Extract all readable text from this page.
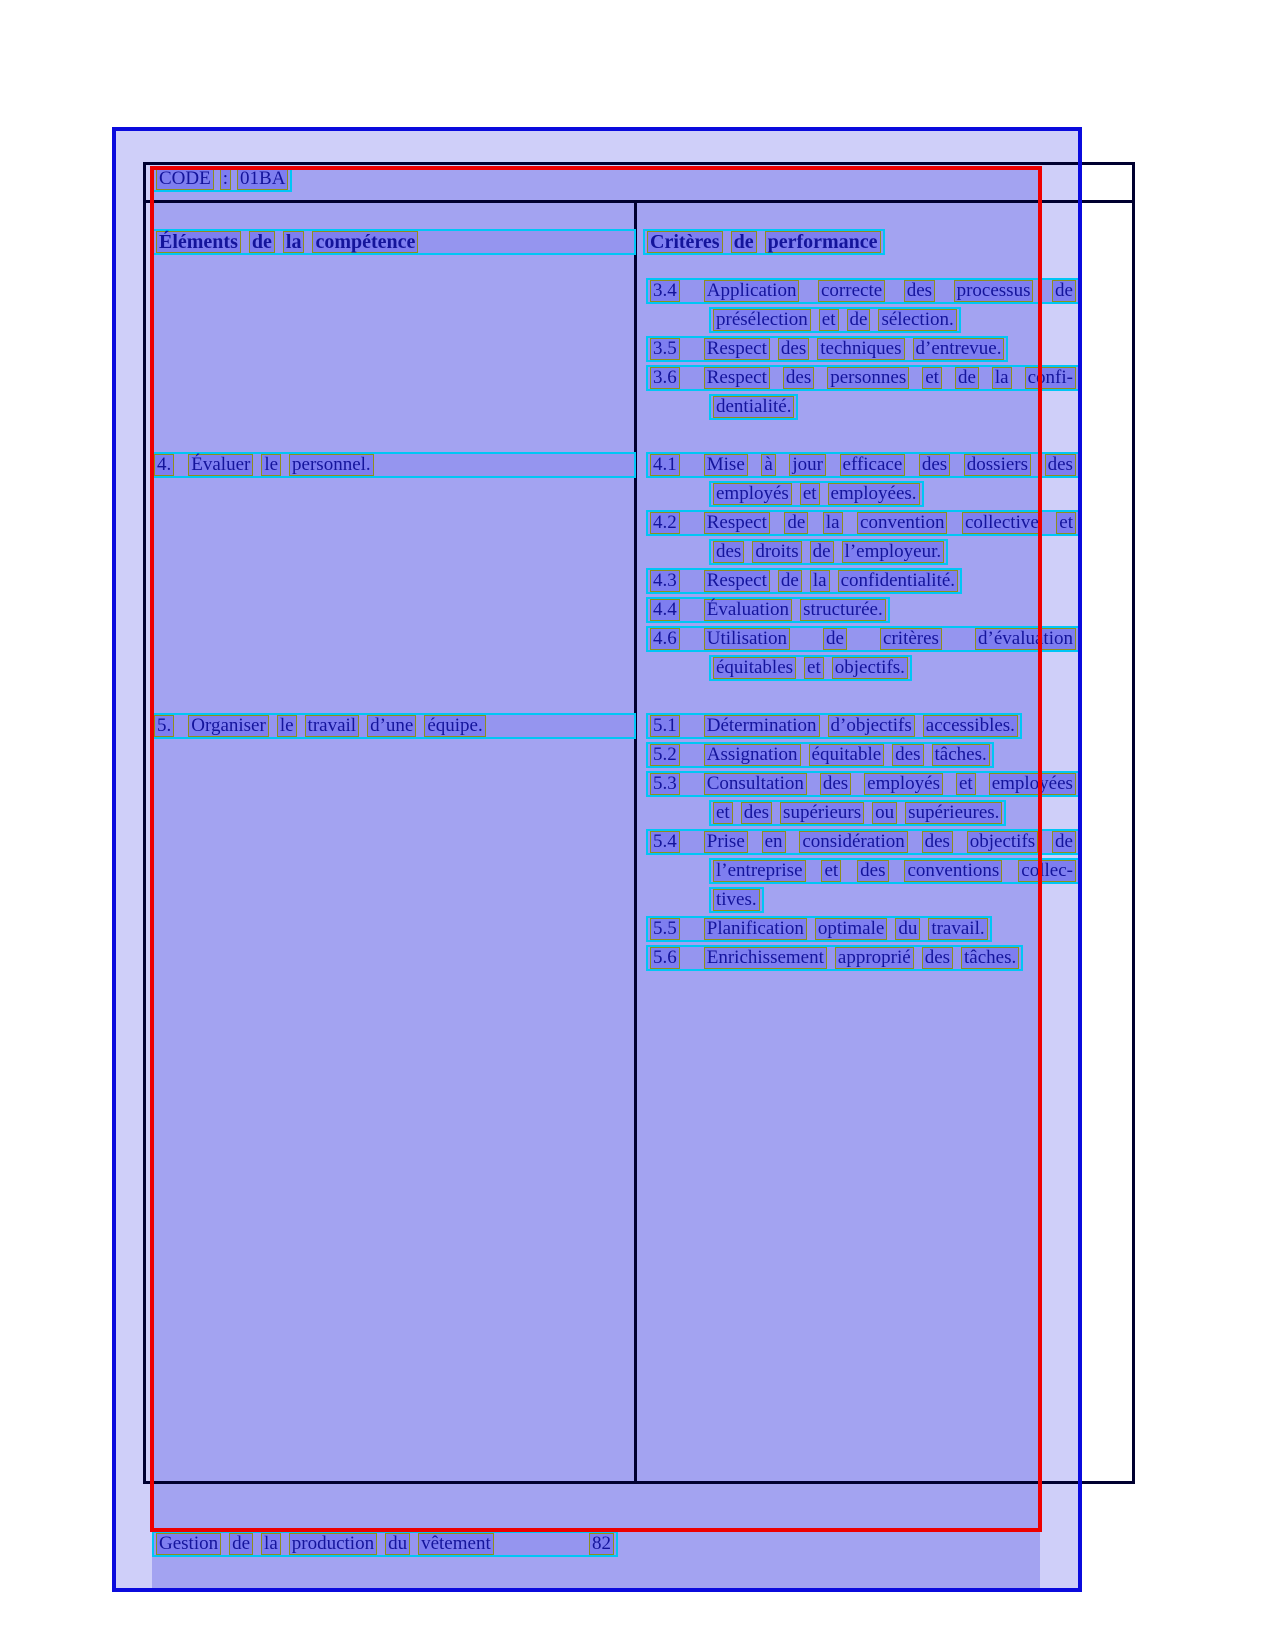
CODE : 01BA
Éléments de la compétence	Critères de performance
3.4 Application correcte des processus de
présélection et de sélection.
3.5 Respect des techniques d’entrevue.
3.6 Respect des personnes et de la confi-
dentialité.
4. Évaluer le personnel.	4.1 Mise à jour efficace des dossiers des
employés et employées.
4.2 Respect de la convention collective et
des droits de l’employeur.
4.3 Respect de la confidentialité.
4.4 Évaluation structurée.
4.6 Utilisation de critères d’évaluation
équitables et objectifs.
5. Organiser le travail d’une équipe.	5.1 Détermination d’objectifs accessibles.
5.2 Assignation équitable des tâches.
5.3 Consultation des employés et employées
et des supérieurs ou supérieures.
5.4 Prise en considération des objectifs de
l’entreprise et des conventions collec-
tives.
5.5 Planification optimale du travail.
5.6 Enrichissement approprié des tâches.
Gestion de la production du vêtement	82
